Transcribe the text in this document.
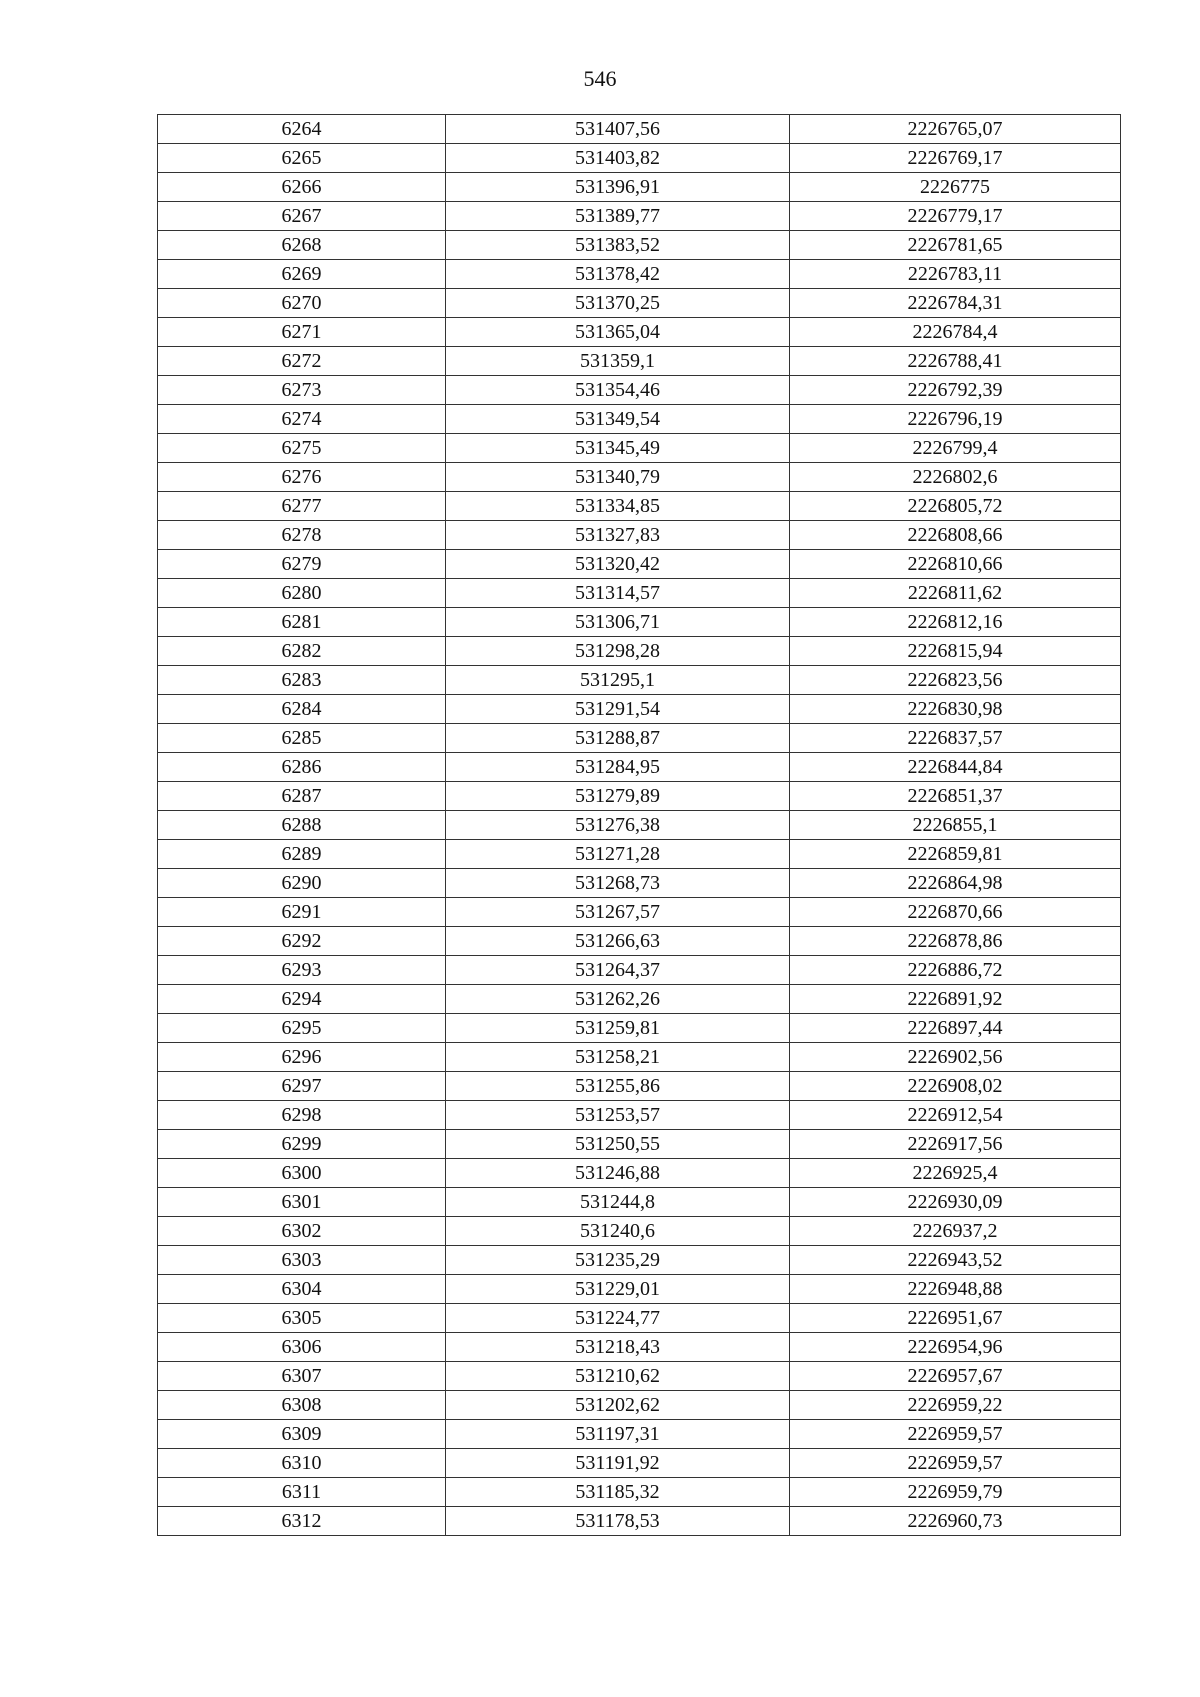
546
6264	531407,56	2226765,07
6265	531403,82	2226769,17
6266	531396,91	2226775
6267	531389,77	2226779,17
6268	531383,52	2226781,65
6269	531378,42	2226783,11
6270	531370,25	2226784,31
6271	531365,04	2226784,4
6272	531359,1	2226788,41
6273	531354,46	2226792,39
6274	531349,54	2226796,19
6275	531345,49	2226799,4
6276	531340,79	2226802,6
6277	531334,85	2226805,72
6278	531327,83	2226808,66
6279	531320,42	2226810,66
6280	531314,57	2226811,62
6281	531306,71	2226812,16
6282	531298,28	2226815,94
6283	531295,1	2226823,56
6284	531291,54	2226830,98
6285	531288,87	2226837,57
6286	531284,95	2226844,84
6287	531279,89	2226851,37
6288	531276,38	2226855,1
6289	531271,28	2226859,81
6290	531268,73	2226864,98
6291	531267,57	2226870,66
6292	531266,63	2226878,86
6293	531264,37	2226886,72
6294	531262,26	2226891,92
6295	531259,81	2226897,44
6296	531258,21	2226902,56
6297	531255,86	2226908,02
6298	531253,57	2226912,54
6299	531250,55	2226917,56
6300	531246,88	2226925,4
6301	531244,8	2226930,09
6302	531240,6	2226937,2
6303	531235,29	2226943,52
6304	531229,01	2226948,88
6305	531224,77	2226951,67
6306	531218,43	2226954,96
6307	531210,62	2226957,67
6308	531202,62	2226959,22
6309	531197,31	2226959,57
6310	531191,92	2226959,57
6311	531185,32	2226959,79
6312	531178,53	2226960,73
